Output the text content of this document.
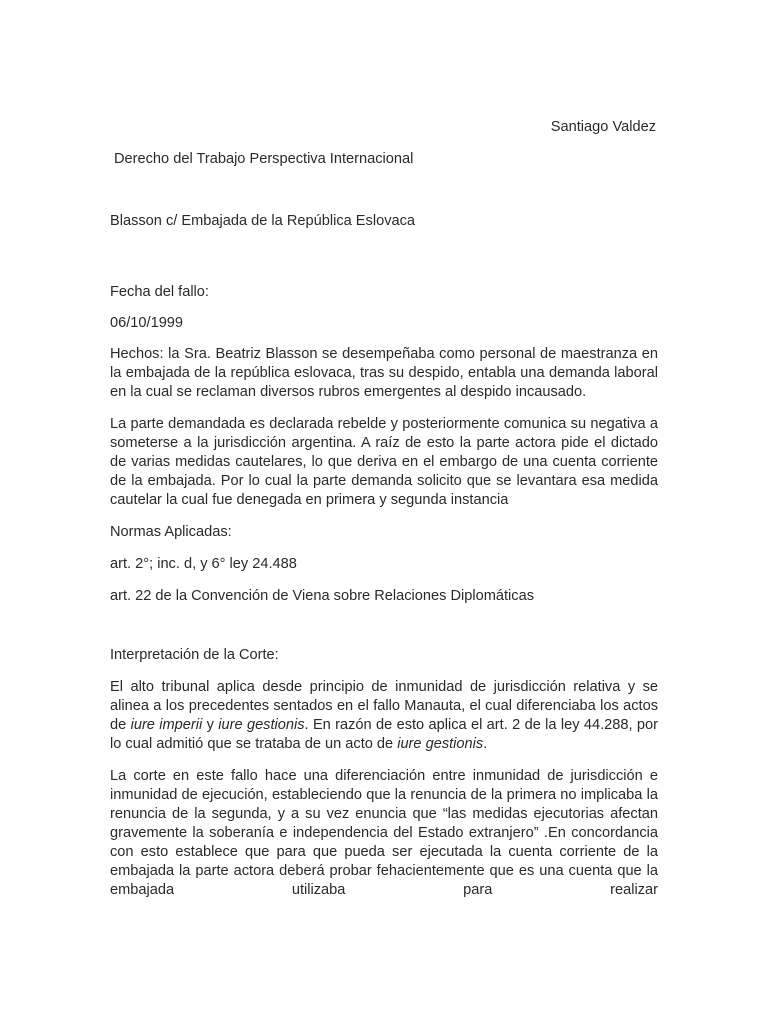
Santiago Valdez

Derecho del Trabajo Perspectiva Internacional

Blasson c/ Embajada de la República Eslovaca

Fecha del fallo:

06/10/1999

Hechos: la Sra. Beatriz Blasson se desempeñaba como personal de maestranza en la embajada de la república eslovaca, tras su despido, entabla una demanda laboral en la cual se reclaman diversos rubros emergentes al despido incausado.

La parte demandada es declarada rebelde y posteriormente comunica su negativa a someterse a la jurisdicción argentina. A raíz de esto la parte actora pide el dictado de varias medidas cautelares, lo que deriva en el embargo de una cuenta corriente de la embajada. Por lo cual la parte demanda solicito que se levantara esa medida cautelar la cual fue denegada en primera y segunda instancia

Normas Aplicadas:

art. 2°; inc. d, y 6° ley 24.488

art. 22 de la Convención de Viena sobre Relaciones Diplomáticas

Interpretación de la Corte:

El alto tribunal aplica desde principio de inmunidad de jurisdicción relativa y se alinea a los precedentes sentados en el fallo Manauta, el cual diferenciaba los actos de iure imperii y iure gestionis. En razón de esto aplica el art. 2 de la ley 44.288, por lo cual admitió que se trataba de un acto de iure gestionis.

La corte en este fallo hace una diferenciación entre inmunidad de jurisdicción e inmunidad de ejecución, estableciendo que la renuncia de la primera no implicaba la renuncia de la segunda, y a su vez enuncia que “las medidas ejecutorias afectan gravemente la soberanía e independencia del Estado extranjero” .En concordancia con esto establece que para que pueda ser ejecutada la cuenta corriente de la embajada la parte actora deberá probar fehacientemente que es una cuenta que la embajada utilizaba para realizar
